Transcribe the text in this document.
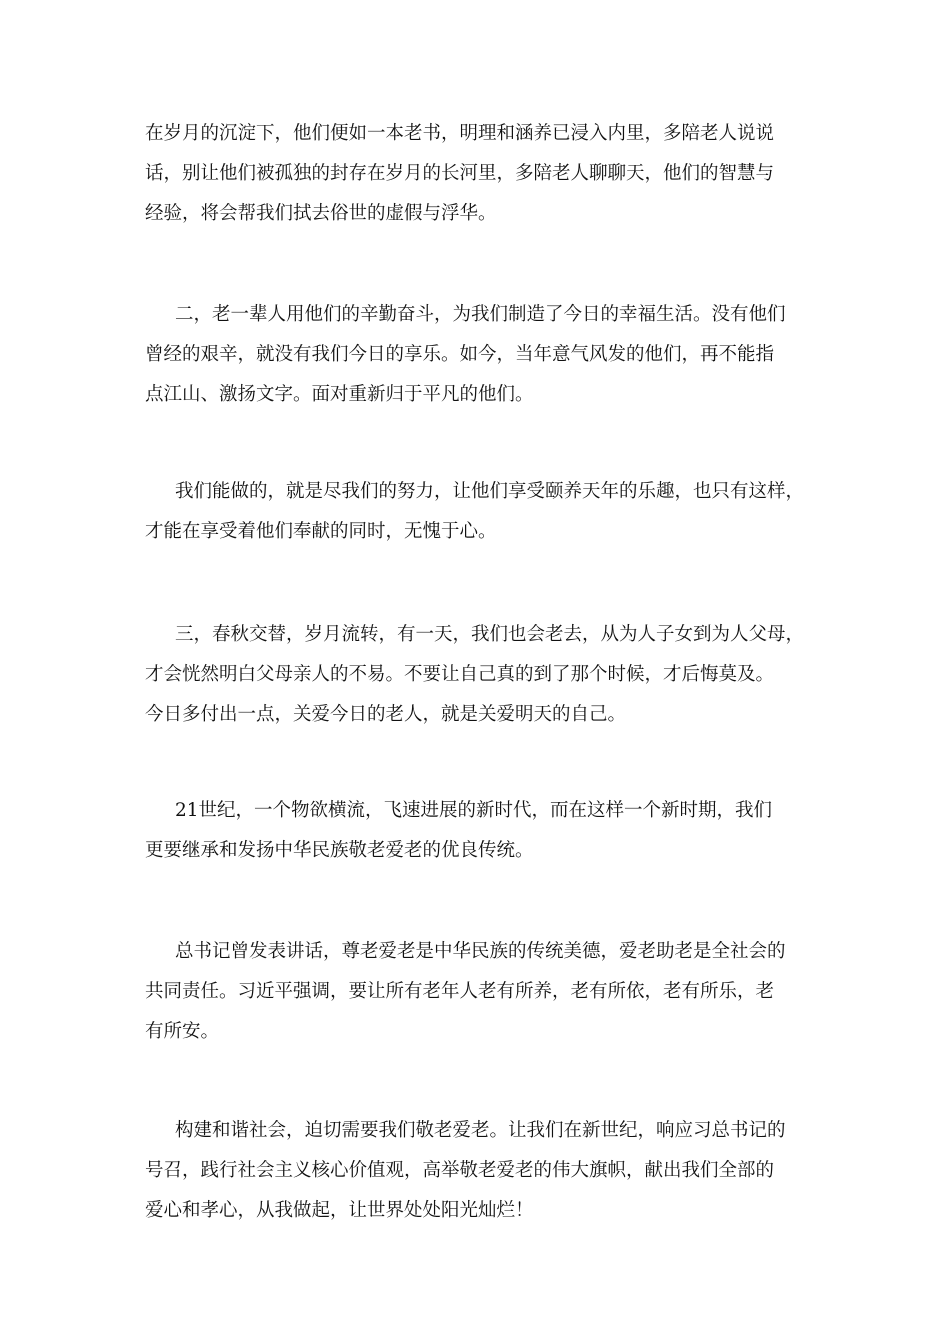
在岁月的沉淀下，他们便如一本老书，明理和涵养已浸入内里，多陪老人说说
话，别让他们被孤独的封存在岁月的长河里，多陪老人聊聊天，他们的智慧与
经验，将会帮我们拭去俗世的虚假与浮华。
二，老一辈人用他们的辛勤奋斗，为我们制造了今日的幸福生活。没有他们
曾经的艰辛，就没有我们今日的享乐。如今，当年意气风发的他们，再不能指
点江山、激扬文字。面对重新归于平凡的他们。
我们能做的，就是尽我们的努力，让他们享受颐养天年的乐趣，也只有这样，
才能在享受着他们奉献的同时，无愧于心。
三，春秋交替，岁月流转，有一天，我们也会老去，从为人子女到为人父母，
才会恍然明白父母亲人的不易。不要让自己真的到了那个时候，才后悔莫及。
今日多付出一点，关爱今日的老人，就是关爱明天的自己。
21世纪，一个物欲横流，飞速进展的新时代，而在这样一个新时期，我们
更要继承和发扬中华民族敬老爱老的优良传统。
总书记曾发表讲话，尊老爱老是中华民族的传统美德，爱老助老是全社会的
共同责任。习近平强调，要让所有老年人老有所养，老有所依，老有所乐，老
有所安。
构建和谐社会，迫切需要我们敬老爱老。让我们在新世纪，响应习总书记的
号召，践行社会主义核心价值观，高举敬老爱老的伟大旗帜，献出我们全部的
爱心和孝心，从我做起，让世界处处阳光灿烂！
